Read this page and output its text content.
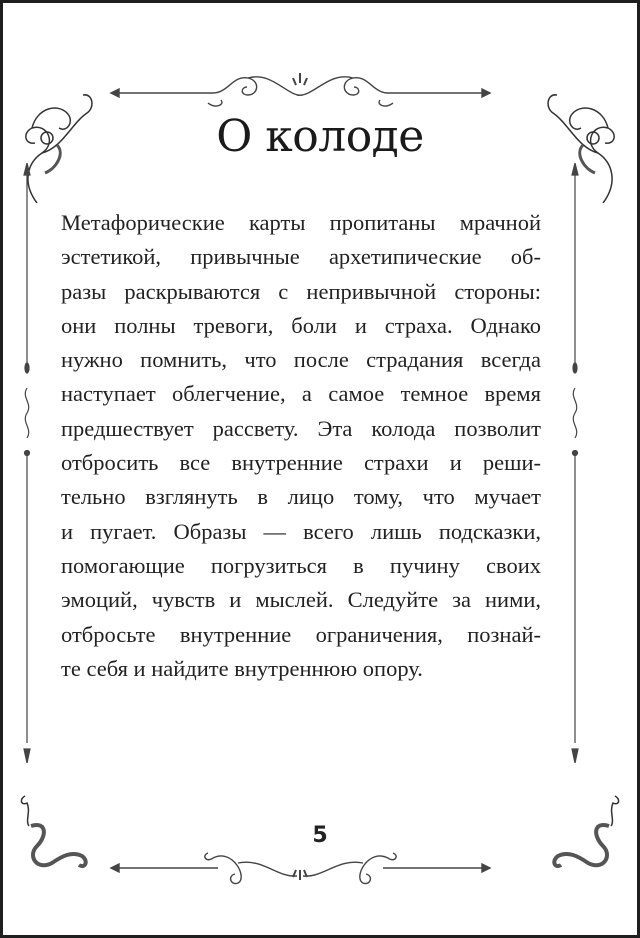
О колоде
Метафорические карты пропитаны мрачной
эстетикой, привычные архетипические об-
разы раскрываются с непривычной стороны:
они полны тревоги, боли и страха. Однако
нужно помнить, что после страдания всегда
наступает облегчение, а самое темное время
предшествует рассвету. Эта колода позволит
отбросить все внутренние страхи и реши-
тельно взглянуть в лицо тому, что мучает
и пугает. Образы — всего лишь подсказки,
помогающие погрузиться в пучину своих
эмоций, чувств и мыслей. Следуйте за ними,
отбросьте внутренние ограничения, познай-
те себя и найдите внутреннюю опору.
5
